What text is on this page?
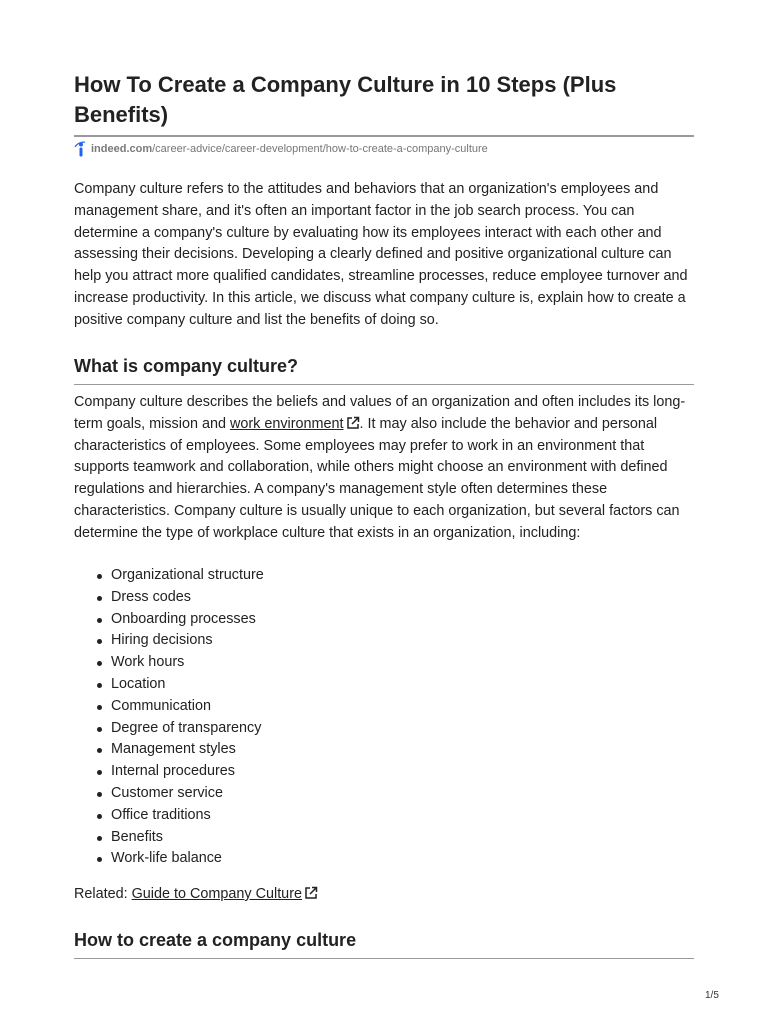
How To Create a Company Culture in 10 Steps (Plus Benefits)
indeed.com/career-advice/career-development/how-to-create-a-company-culture

Company culture refers to the attitudes and behaviors that an organization's employees and management share, and it's often an important factor in the job search process. You can determine a company's culture by evaluating how its employees interact with each other and assessing their decisions. Developing a clearly defined and positive organizational culture can help you attract more qualified candidates, streamline processes, reduce employee turnover and increase productivity. In this article, we discuss what company culture is, explain how to create a positive company culture and list the benefits of doing so.

What is company culture?

Company culture describes the beliefs and values of an organization and often includes its long-term goals, mission and work environment . It may also include the behavior and personal characteristics of employees. Some employees may prefer to work in an environment that supports teamwork and collaboration, while others might choose an environment with defined regulations and hierarchies. A company's management style often determines these characteristics. Company culture is usually unique to each organization, but several factors can determine the type of workplace culture that exists in an organization, including:

Organizational structure
Dress codes
Onboarding processes
Hiring decisions
Work hours
Location
Communication
Degree of transparency
Management styles
Internal procedures
Customer service
Office traditions
Benefits
Work-life balance
Related: Guide to Company Culture
How to create a company culture
1/5
